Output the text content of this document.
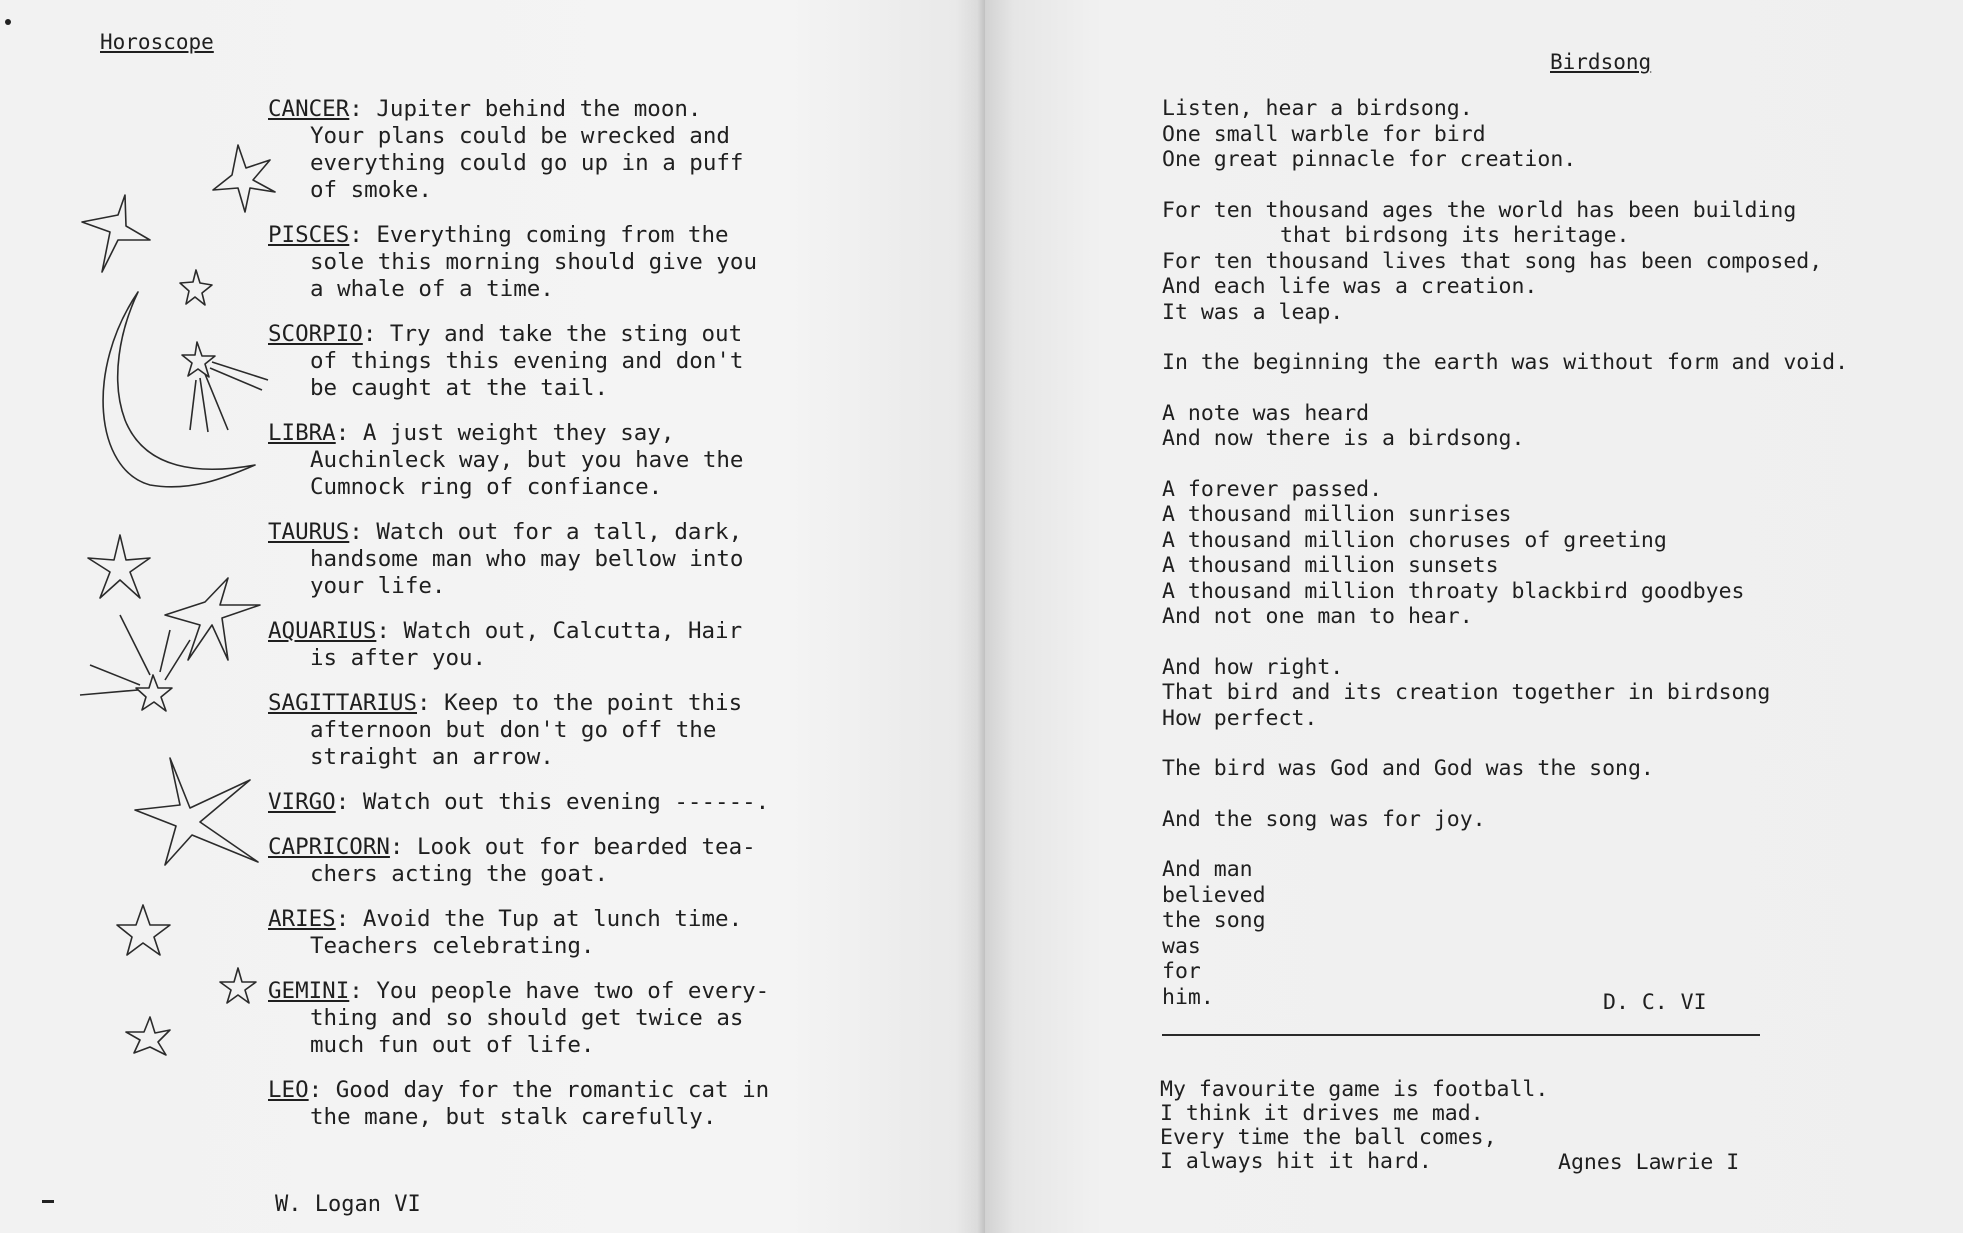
Horoscope
CANCER: Jupiter behind the moon.
Your plans could be wrecked and
everything could go up in a puff
of smoke.
PISCES: Everything coming from the
sole this morning should give you
a whale of a time.
SCORPIO: Try and take the sting out
of things this evening and don't
be caught at the tail.
LIBRA: A just weight they say,
Auchinleck way, but you have the
Cumnock ring of confiance.
TAURUS: Watch out for a tall, dark,
handsome man who may bellow into
your life.
AQUARIUS: Watch out, Calcutta, Hair
is after you.
SAGITTARIUS: Keep to the point this
afternoon but don't go off the
straight an arrow.
VIRGO: Watch out this evening ------.
CAPRICORN: Look out for bearded tea-
chers acting the goat.
ARIES: Avoid the Tup at lunch time.
Teachers celebrating.
GEMINI: You people have two of every-
thing and so should get twice as
much fun out of life.
LEO: Good day for the romantic cat in
the mane, but stalk carefully.
W. Logan VI
Birdsong
Listen, hear a birdsong.
One small warble for bird
One great pinnacle for creation.
For ten thousand ages the world has been building
that birdsong its heritage.
For ten thousand lives that song has been composed,
And each life was a creation.
It was a leap.
In the beginning the earth was without form and void.
A note was heard
And now there is a birdsong.
A forever passed.
A thousand million sunrises
A thousand million choruses of greeting
A thousand million sunsets
A thousand million throaty blackbird goodbyes
And not one man to hear.
And how right.
That bird and its creation together in birdsong
How perfect.
The bird was God and God was the song.
And the song was for joy.
And man
believed
the song
was
for
him.	D. C. VI
My favourite game is football.
I think it drives me mad.
Every time the ball comes,
I always hit it hard.	Agnes Lawrie I
